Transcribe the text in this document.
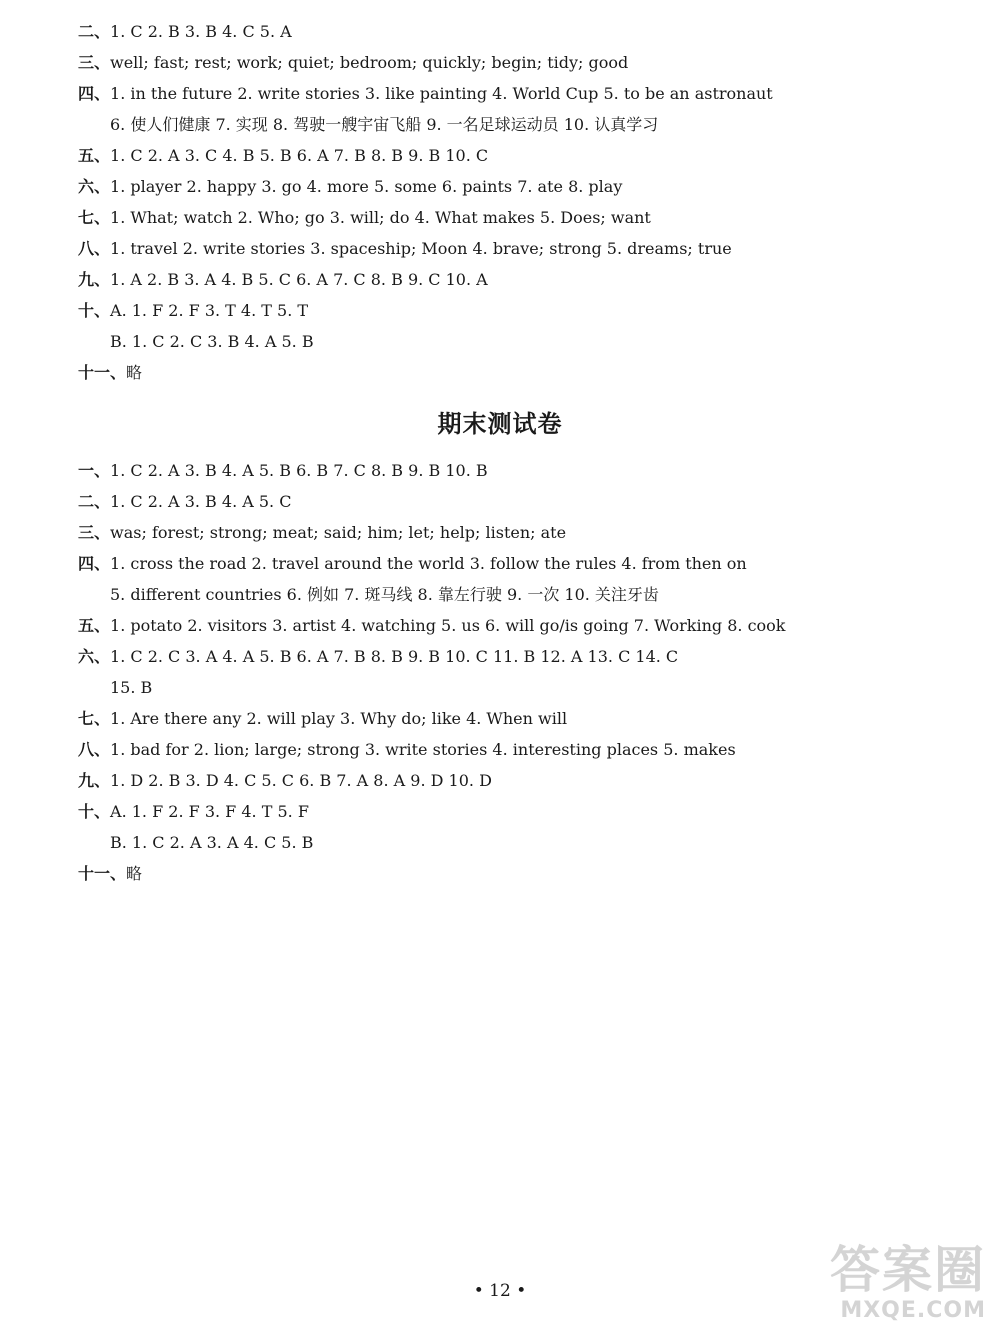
二、1. C 2. B 3. B 4. C 5. A
三、well; fast; rest; work; quiet; bedroom; quickly; begin; tidy; good
四、1. in the future 2. write stories 3. like painting 4. World Cup 5. to be an astronaut
6. 使人们健康 7. 实现 8. 驾驶一艘宇宙飞船 9. 一名足球运动员 10. 认真学习
五、1. C 2. A 3. C 4. B 5. B 6. A 7. B 8. B 9. B 10. C
六、1. player 2. happy 3. go 4. more 5. some 6. paints 7. ate 8. play
七、1. What; watch 2. Who; go 3. will; do 4. What makes 5. Does; want
八、1. travel 2. write stories 3. spaceship; Moon 4. brave; strong 5. dreams; true
九、1. A 2. B 3. A 4. B 5. C 6. A 7. C 8. B 9. C 10. A
十、A. 1. F 2. F 3. T 4. T 5. T
B. 1. C 2. C 3. B 4. A 5. B
十一、略
期末测试卷
一、1. C 2. A 3. B 4. A 5. B 6. B 7. C 8. B 9. B 10. B
二、1. C 2. A 3. B 4. A 5. C
三、was; forest; strong; meat; said; him; let; help; listen; ate
四、1. cross the road 2. travel around the world 3. follow the rules 4. from then on
5. different countries 6. 例如 7. 斑马线 8. 靠左行驶 9. 一次 10. 关注牙齿
五、1. potato 2. visitors 3. artist 4. watching 5. us 6. will go/is going 7. Working 8. cook
六、1. C 2. C 3. A 4. A 5. B 6. A 7. B 8. B 9. B 10. C 11. B 12. A 13. C 14. C
15. B
七、1. Are there any 2. will play 3. Why do; like 4. When will
八、1. bad for 2. lion; large; strong 3. write stories 4. interesting places 5. makes
九、1. D 2. B 3. D 4. C 5. C 6. B 7. A 8. A 9. D 10. D
十、A. 1. F 2. F 3. F 4. T 5. F
B. 1. C 2. A 3. A 4. C 5. B
十一、略
• 12 •	答案圈
MXQE.COM
